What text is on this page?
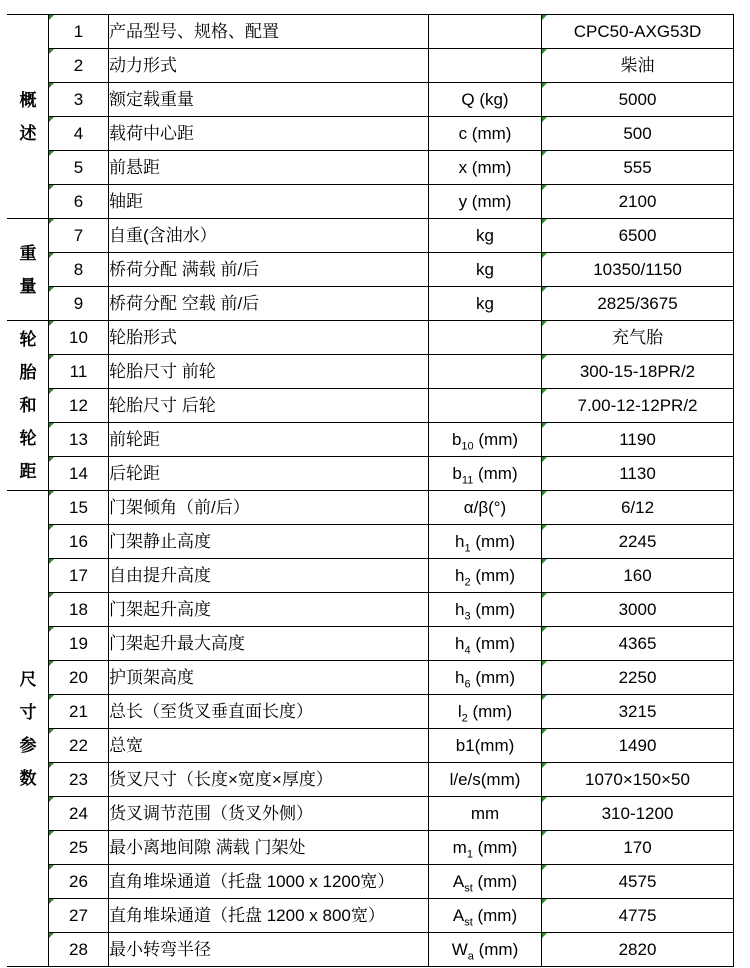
概
述	1	产品型号、规格、配置		CPC50-AXG53D

2	动力形式		柴油

3	额定载重量	Q (kg)	5000

4	载荷中心距	c (mm)	500

5	前悬距	x (mm)	555

6	轴距	y (mm)	2100

重
量	7	自重(含油水）	kg	6500

8	桥荷分配 满载 前/后	kg	10350/1150

9	桥荷分配 空载 前/后	kg	2825/3675

轮
胎
和
轮
距	10	轮胎形式		充气胎

11	轮胎尺寸 前轮		300-15-18PR/2

12	轮胎尺寸 后轮		7.00-12-12PR/2

13	前轮距	$b_{10}$ (mm)	1190

14	后轮距	$b_{11}$ (mm)	1130

尺
寸
参
数	15	门架倾角（前/后）	α/β(°)	6/12

16	门架静止高度	$h_1$ (mm)	2245

17	自由提升高度	$h_2$ (mm)	160

18	门架起升高度	$h_3$ (mm)	3000

19	门架起升最大高度	$h_4$ (mm)	4365

20	护顶架高度	$h_6$ (mm)	2250

21	总长（至货叉垂直面长度）	$l_2$ (mm)	3215

22	总宽	b1(mm)	1490

23	货叉尺寸（长度×宽度×厚度）	l/e/s(mm)	1070×150×50

24	货叉调节范围（货叉外侧）	mm	310-1200

25	最小离地间隙 满载 门架处	$m_1$ (mm)	170

26	直角堆垛通道（托盘 1000 x 1200宽）	$A_{st}$ (mm)	4575

27	直角堆垛通道（托盘 1200 x 800宽）	$A_{st}$ (mm)	4775

28	最小转弯半径	$W_a$ (mm)	2820
